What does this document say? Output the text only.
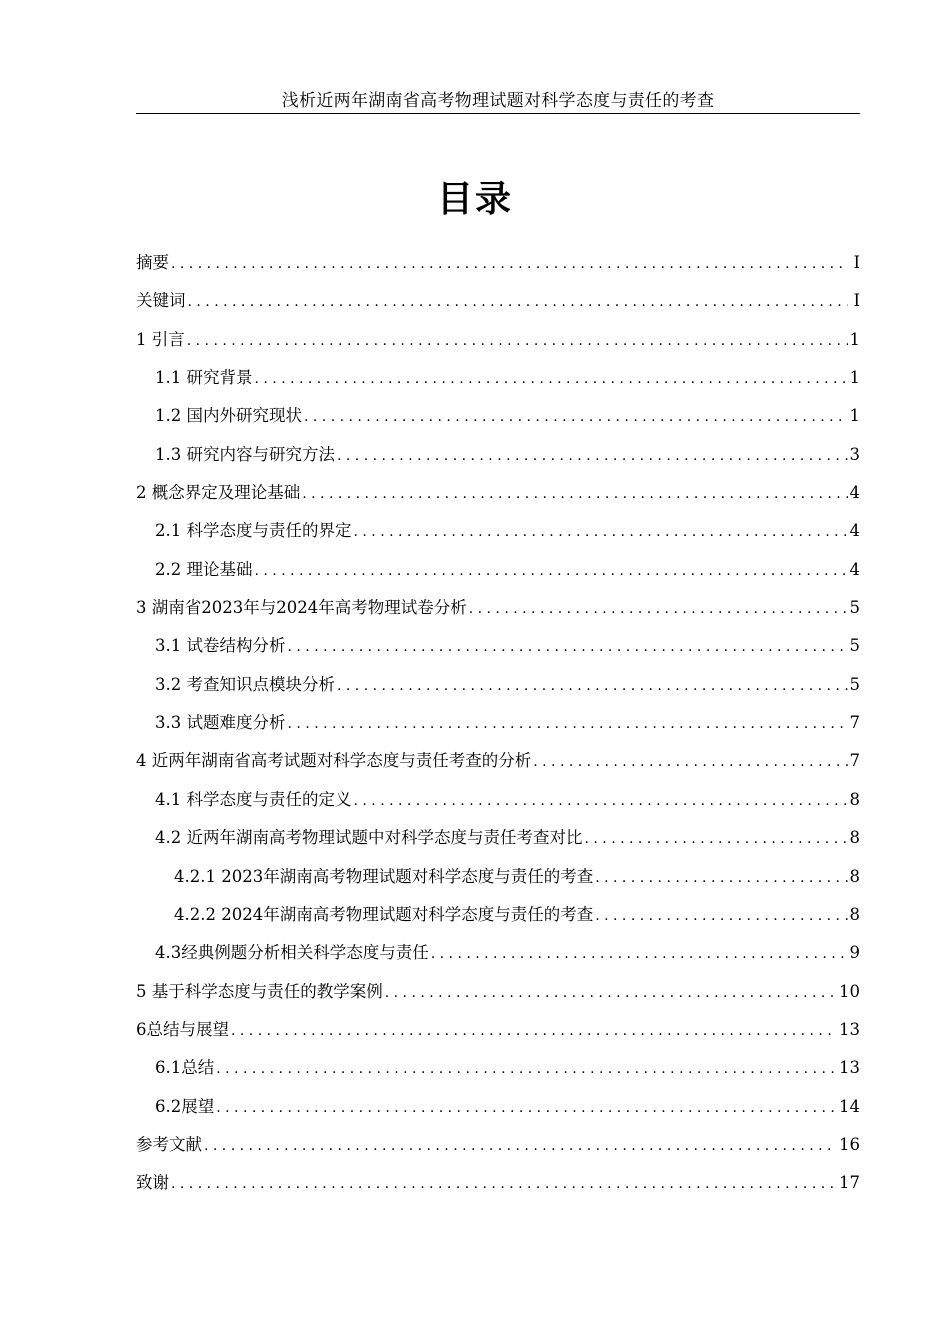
浅析近两年湖南省高考物理试题对科学态度与责任的考查
目录
摘要 . . .	I
关键词 . . .	I
1 引言 . . .	1
1.1 研究背景 . . .	1
1.2 国内外研究现状 . . .	1
1.3 研究内容与研究方法 . . .	3
2 概念界定及理论基础 . . .	4
2.1 科学态度与责任的界定 . . .	4
2.2 理论基础 . . .	4
3 湖南省2023年与2024年高考物理试卷分析 . . .	5
3.1 试卷结构分析 . . .	5
3.2 考查知识点模块分析 . . .	5
3.3 试题难度分析 . . .	7
4 近两年湖南省高考试题对科学态度与责任考查的分析 . . .	7
4.1 科学态度与责任的定义 . . .	8
4.2 近两年湖南高考物理试题中对科学态度与责任考查对比 . . .	8
4.2.1 2023年湖南高考物理试题对科学态度与责任的考查 . . .	8
4.2.2 2024年湖南高考物理试题对科学态度与责任的考查 . . .	8
4.3经典例题分析相关科学态度与责任 . . .	9
5 基于科学态度与责任的教学案例 . . .	10
6总结与展望 . . .	13
6.1总结 . . .	13
6.2展望 . . .	14
参考文献 . . .	16
致谢 . . .	17
